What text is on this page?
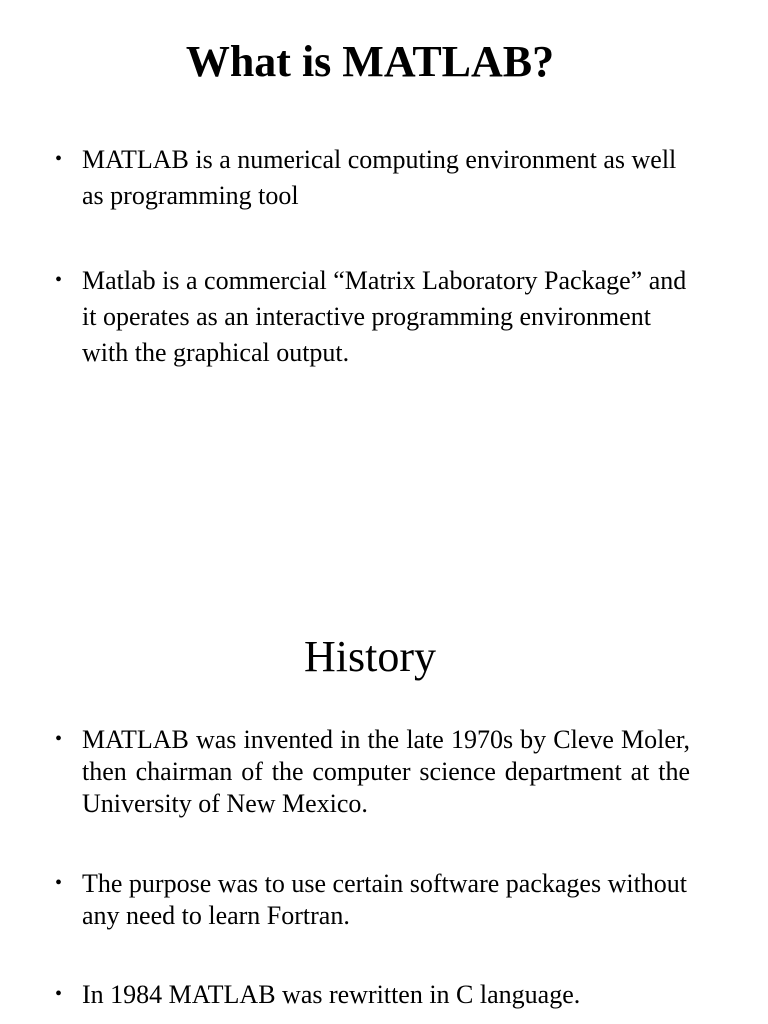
What is MATLAB?
• MATLAB is a numerical computing environment as well as programming tool
• Matlab is a commercial “Matrix Laboratory Package” and it operates as an interactive programming environment with the graphical output.
History
• MATLAB was invented in the late 1970s by Cleve Moler, then chairman of the computer science department at the University of New Mexico.
• The purpose was to use certain software packages without any need to learn Fortran.
• In 1984 MATLAB was rewritten in C language.
